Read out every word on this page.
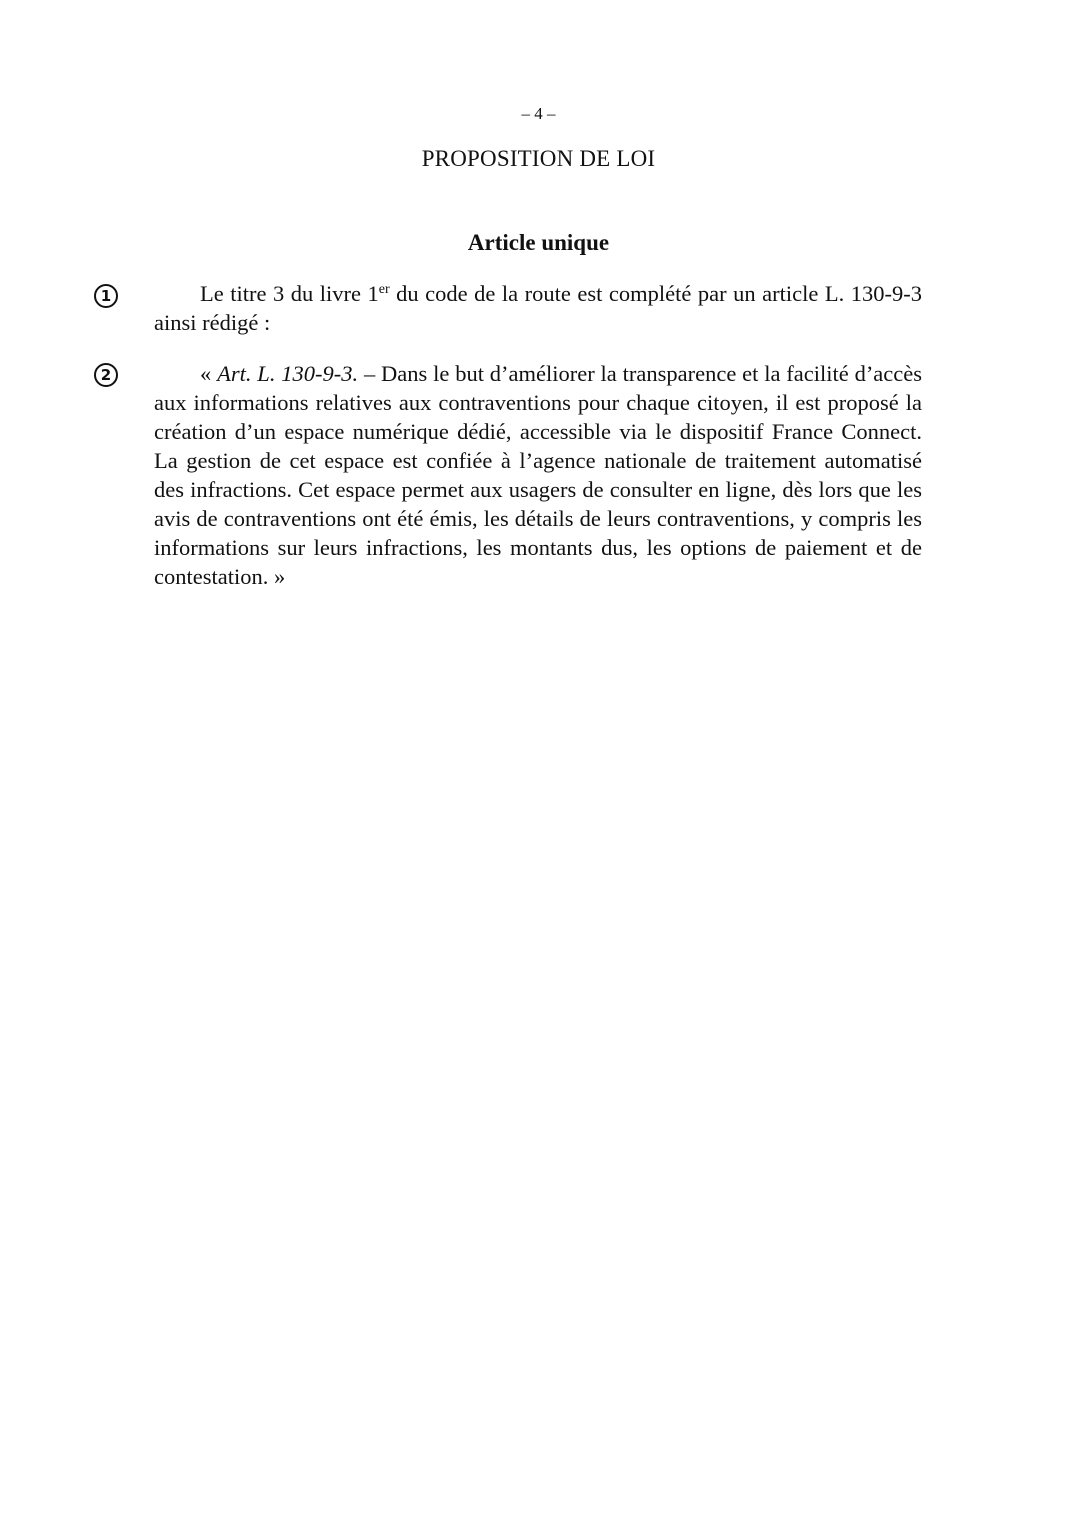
– 4 –
PROPOSITION DE LOI
Article unique
1	Le titre 3 du livre 1er du code de la route est complété par un article L. 130-9-3 ainsi rédigé :
2	« Art. L. 130-9-3. – Dans le but d’améliorer la transparence et la facilité d’accès aux informations relatives aux contraventions pour chaque citoyen, il est proposé la création d’un espace numérique dédié, accessible via le dispositif France Connect. La gestion de cet espace est confiée à l’agence nationale de traitement automatisé des infractions. Cet espace permet aux usagers de consulter en ligne, dès lors que les avis de contraventions ont été émis, les détails de leurs contraventions, y compris les informations sur leurs infractions, les montants dus, les options de paiement et de contestation. »
